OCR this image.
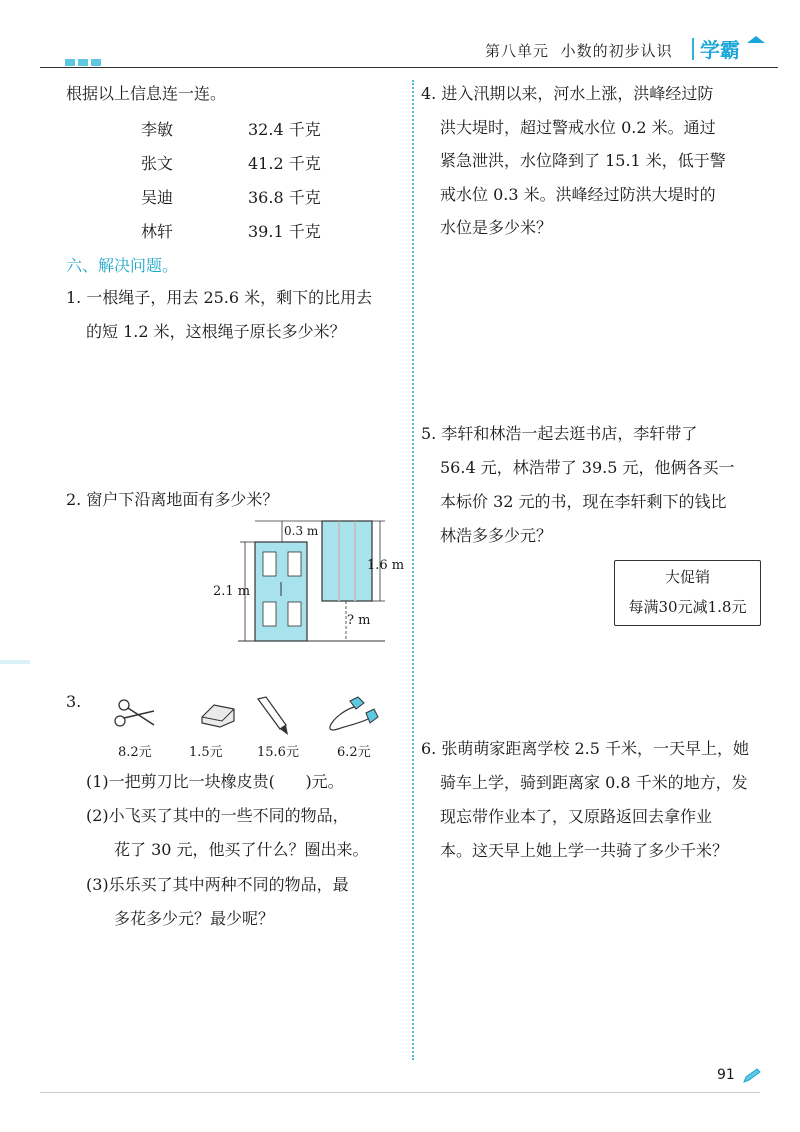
第八单元 小数的初步认识 学霸
根据以上信息连一连。
李敏	32.4 千克
张文	41.2 千克
吴迪	36.8 千克
林轩	39.1 千克
六、解决问题。
1. 一根绳子，用去 25.6 米，剩下的比用去
的短 1.2 米，这根绳子原长多少米？
2. 窗户下沿离地面有多少米？
0.3 m
2.1 m
1.6 m
? m
3.
8.2元	1.5元	15.6元	6.2元
(1)一把剪刀比一块橡皮贵( )元。
(2)小飞买了其中的一些不同的物品，
花了 30 元，他买了什么？圈出来。
(3)乐乐买了其中两种不同的物品，最
多花多少元？最少呢？
4. 进入汛期以来，河水上涨，洪峰经过防
洪大堤时，超过警戒水位 0.2 米。通过
紧急泄洪，水位降到了 15.1 米，低于警
戒水位 0.3 米。洪峰经过防洪大堤时的
水位是多少米？
5. 李轩和林浩一起去逛书店，李轩带了
56.4 元，林浩带了 39.5 元，他俩各买一
本标价 32 元的书，现在李轩剩下的钱比
林浩多多少元？
大促销
每满30元减1.8元
6. 张萌萌家距离学校 2.5 千米，一天早上，她
骑车上学，骑到距离家 0.8 千米的地方，发
现忘带作业本了，又原路返回去拿作业
本。这天早上她上学一共骑了多少千米？
91
